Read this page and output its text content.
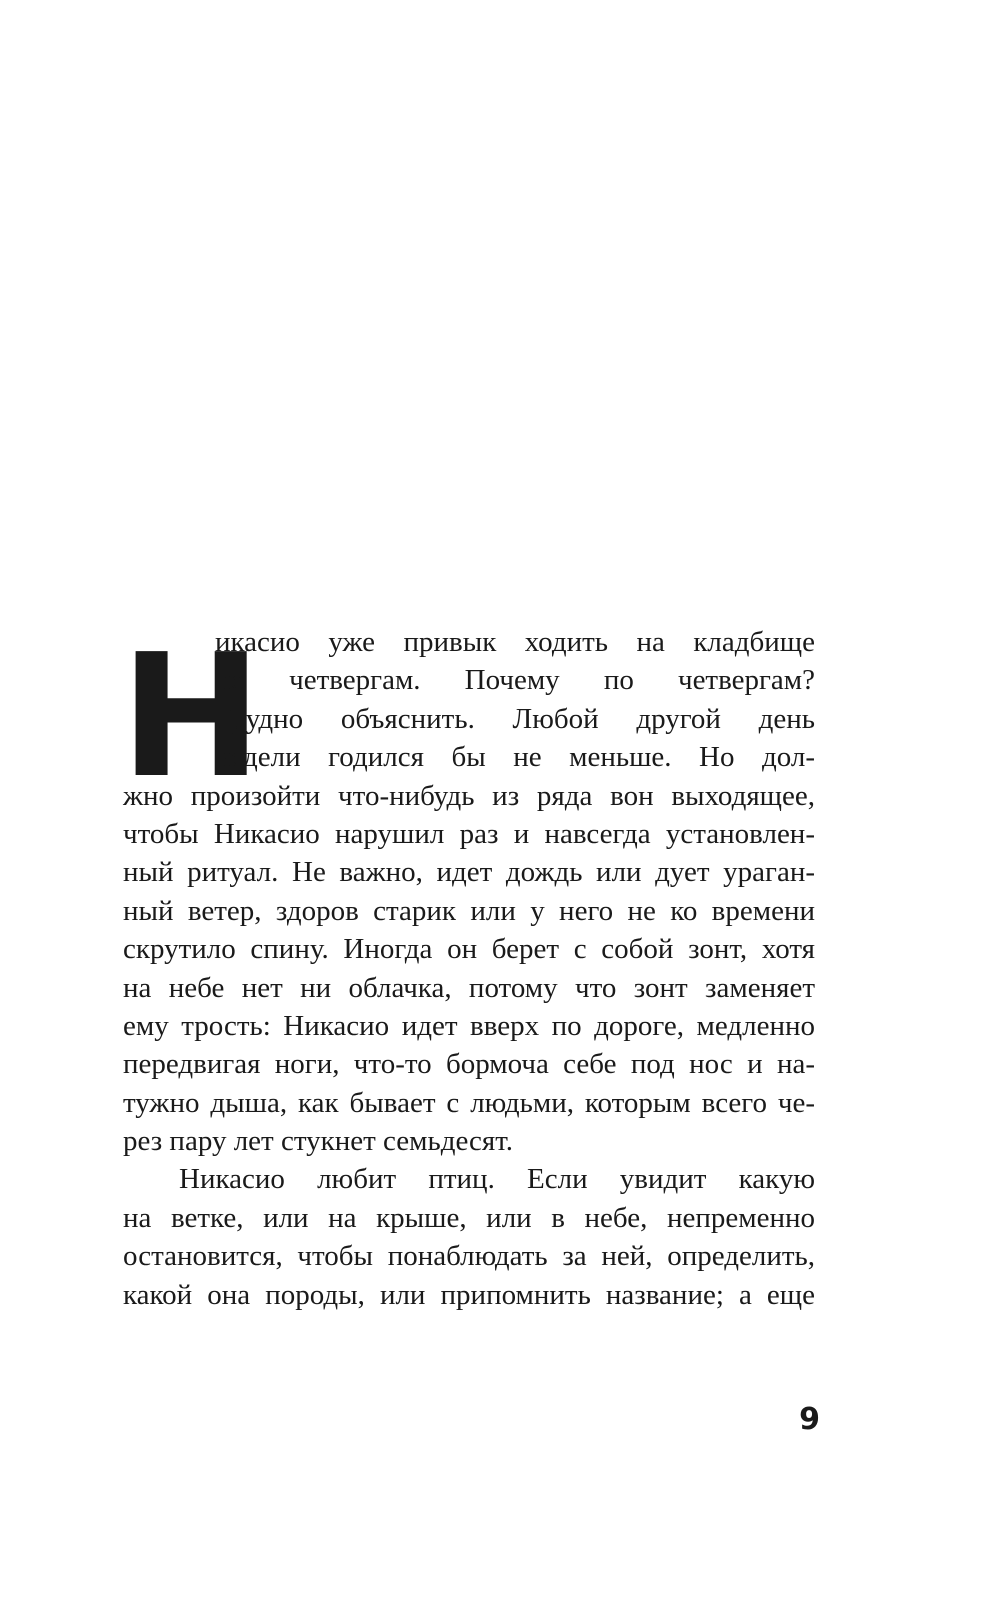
Н
икасио уже привык ходить на кладбище
по четвергам. Почему по четвергам?
Трудно объяснить. Любой другой день
недели годился бы не меньше. Но дол-
жно произойти что-нибудь из ряда вон выходящее,
чтобы Никасио нарушил раз и навсегда установлен-
ный ритуал. Не важно, идет дождь или дует ураган-
ный ветер, здоров старик или у него не ко времени
скрутило спину. Иногда он берет с собой зонт, хотя
на небе нет ни облачка, потому что зонт заменяет
ему трость: Никасио идет вверх по дороге, медленно
передвигая ноги, что-то бормоча себе под нос и на-
тужно дыша, как бывает с людьми, которым всего че-
рез пару лет стукнет семьдесят.
Никасио любит птиц. Если увидит какую
на ветке, или на крыше, или в небе, непременно
остановится, чтобы понаблюдать за ней, определить,
какой она породы, или припомнить название; а еще
9
